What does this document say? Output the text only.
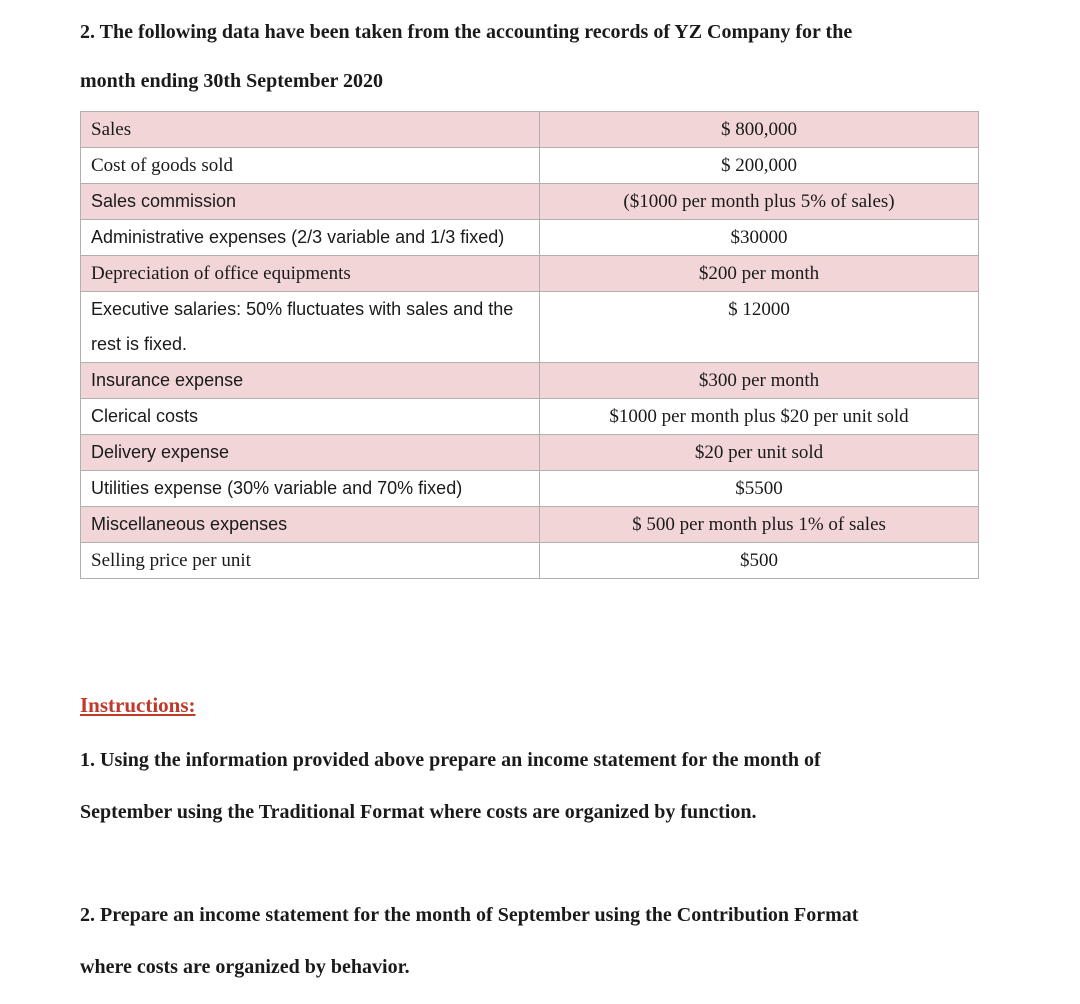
2. The following data have been taken from the accounting records of YZ Company for the
month ending 30th September 2020
Sales	$ 800,000
Cost of goods sold	$ 200,000
Sales commission	($1000 per month plus 5% of sales)
Administrative expenses (2/3 variable and 1/3 fixed)	$30000
Depreciation of office equipments	$200 per month
Executive salaries: 50% fluctuates with sales and the rest is fixed.	$ 12000
Insurance expense	$300 per month
Clerical costs	$1000 per month plus $20 per unit sold
Delivery expense	$20 per unit sold
Utilities expense (30% variable and 70% fixed)	$5500
Miscellaneous expenses	$ 500 per month plus 1% of sales
Selling price per unit	$500
Instructions:
1. Using the information provided above prepare an income statement for the month of
September using the Traditional Format where costs are organized by function.
2. Prepare an income statement for the month of September using the Contribution Format
where costs are organized by behavior.
